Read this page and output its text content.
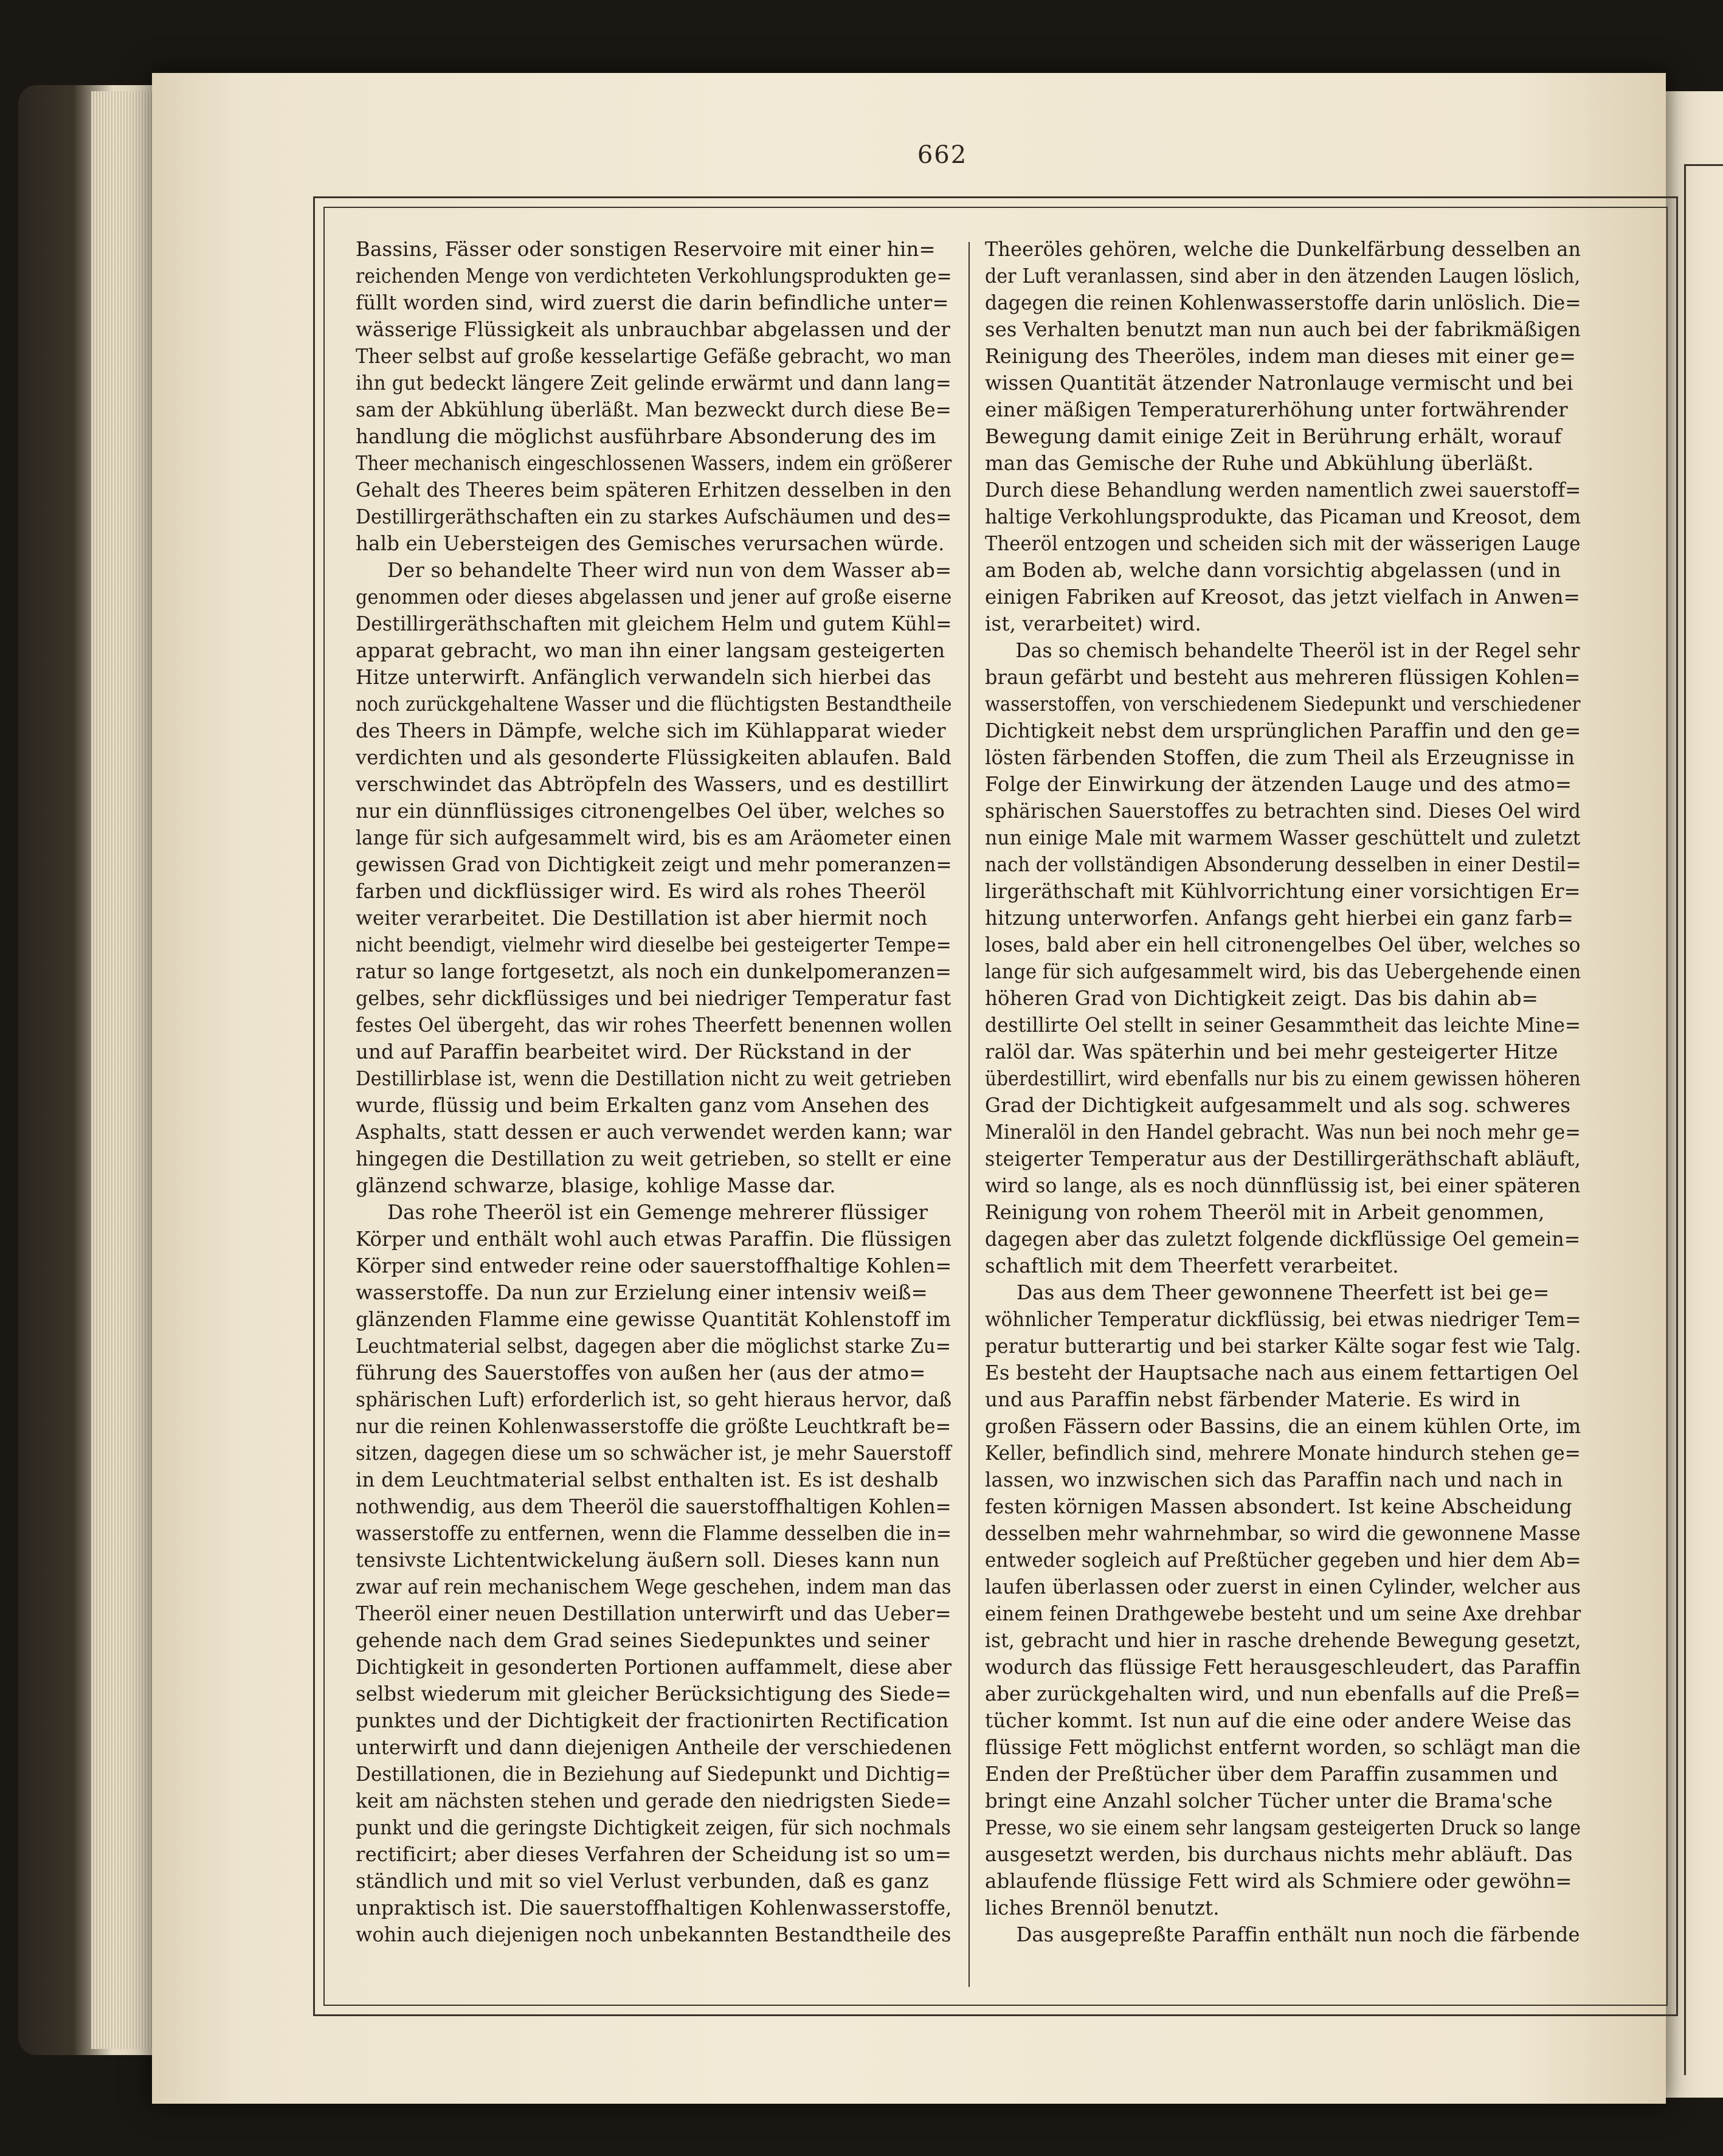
662
Bassins, Fässer oder sonstigen Reservoire mit einer hin=
reichenden Menge von verdichteten Verkohlungsprodukten ge=
füllt worden sind, wird zuerst die darin befindliche unter=
wässerige Flüssigkeit als unbrauchbar abgelassen und der
Theer selbst auf große kesselartige Gefäße gebracht, wo man
ihn gut bedeckt längere Zeit gelinde erwärmt und dann lang=
sam der Abkühlung überläßt. Man bezweckt durch diese Be=
handlung die möglichst ausführbare Absonderung des im
Theer mechanisch eingeschlossenen Wassers, indem ein größerer
Gehalt des Theeres beim späteren Erhitzen desselben in den
Destillirgeräthschaften ein zu starkes Aufschäumen und des=
halb ein Uebersteigen des Gemisches verursachen würde.
Der so behandelte Theer wird nun von dem Wasser ab=
genommen oder dieses abgelassen und jener auf große eiserne
Destillirgeräthschaften mit gleichem Helm und gutem Kühl=
apparat gebracht, wo man ihn einer langsam gesteigerten
Hitze unterwirft. Anfänglich verwandeln sich hierbei das
noch zurückgehaltene Wasser und die flüchtigsten Bestandtheile
des Theers in Dämpfe, welche sich im Kühlapparat wieder
verdichten und als gesonderte Flüssigkeiten ablaufen. Bald
verschwindet das Abtröpfeln des Wassers, und es destillirt
nur ein dünnflüssiges citronengelbes Oel über, welches so
lange für sich aufgesammelt wird, bis es am Aräometer einen
gewissen Grad von Dichtigkeit zeigt und mehr pomeranzen=
farben und dickflüssiger wird. Es wird als rohes Theeröl
weiter verarbeitet. Die Destillation ist aber hiermit noch
nicht beendigt, vielmehr wird dieselbe bei gesteigerter Tempe=
ratur so lange fortgesetzt, als noch ein dunkelpomeranzen=
gelbes, sehr dickflüssiges und bei niedriger Temperatur fast
festes Oel übergeht, das wir rohes Theerfett benennen wollen
und auf Paraffin bearbeitet wird. Der Rückstand in der
Destillirblase ist, wenn die Destillation nicht zu weit getrieben
wurde, flüssig und beim Erkalten ganz vom Ansehen des
Asphalts, statt dessen er auch verwendet werden kann; war
hingegen die Destillation zu weit getrieben, so stellt er eine
glänzend schwarze, blasige, kohlige Masse dar.
Das rohe Theeröl ist ein Gemenge mehrerer flüssiger
Körper und enthält wohl auch etwas Paraffin. Die flüssigen
Körper sind entweder reine oder sauerstoffhaltige Kohlen=
wasserstoffe. Da nun zur Erzielung einer intensiv weiß=
glänzenden Flamme eine gewisse Quantität Kohlenstoff im
Leuchtmaterial selbst, dagegen aber die möglichst starke Zu=
führung des Sauerstoffes von außen her (aus der atmo=
sphärischen Luft) erforderlich ist, so geht hieraus hervor, daß
nur die reinen Kohlenwasserstoffe die größte Leuchtkraft be=
sitzen, dagegen diese um so schwächer ist, je mehr Sauerstoff
in dem Leuchtmaterial selbst enthalten ist. Es ist deshalb
nothwendig, aus dem Theeröl die sauerstoffhaltigen Kohlen=
wasserstoffe zu entfernen, wenn die Flamme desselben die in=
tensivste Lichtentwickelung äußern soll. Dieses kann nun
zwar auf rein mechanischem Wege geschehen, indem man das
Theeröl einer neuen Destillation unterwirft und das Ueber=
gehende nach dem Grad seines Siedepunktes und seiner
Dichtigkeit in gesonderten Portionen auffammelt, diese aber
selbst wiederum mit gleicher Berücksichtigung des Siede=
punktes und der Dichtigkeit der fractionirten Rectification
unterwirft und dann diejenigen Antheile der verschiedenen
Destillationen, die in Beziehung auf Siedepunkt und Dichtig=
keit am nächsten stehen und gerade den niedrigsten Siede=
punkt und die geringste Dichtigkeit zeigen, für sich nochmals
rectificirt; aber dieses Verfahren der Scheidung ist so um=
ständlich und mit so viel Verlust verbunden, daß es ganz
unpraktisch ist. Die sauerstoffhaltigen Kohlenwasserstoffe,
wohin auch diejenigen noch unbekannten Bestandtheile des
Theeröles gehören, welche die Dunkelfärbung desselben an
der Luft veranlassen, sind aber in den ätzenden Laugen löslich,
dagegen die reinen Kohlenwasserstoffe darin unlöslich. Die=
ses Verhalten benutzt man nun auch bei der fabrikmäßigen
Reinigung des Theeröles, indem man dieses mit einer ge=
wissen Quantität ätzender Natronlauge vermischt und bei
einer mäßigen Temperaturerhöhung unter fortwährender
Bewegung damit einige Zeit in Berührung erhält, worauf
man das Gemische der Ruhe und Abkühlung überläßt.
Durch diese Behandlung werden namentlich zwei sauerstoff=
haltige Verkohlungsprodukte, das Picaman und Kreosot, dem
Theeröl entzogen und scheiden sich mit der wässerigen Lauge
am Boden ab, welche dann vorsichtig abgelassen (und in
einigen Fabriken auf Kreosot, das jetzt vielfach in Anwen=
ist, verarbeitet) wird.
Das so chemisch behandelte Theeröl ist in der Regel sehr
braun gefärbt und besteht aus mehreren flüssigen Kohlen=
wasserstoffen, von verschiedenem Siedepunkt und verschiedener
Dichtigkeit nebst dem ursprünglichen Paraffin und den ge=
lösten färbenden Stoffen, die zum Theil als Erzeugnisse in
Folge der Einwirkung der ätzenden Lauge und des atmo=
sphärischen Sauerstoffes zu betrachten sind. Dieses Oel wird
nun einige Male mit warmem Wasser geschüttelt und zuletzt
nach der vollständigen Absonderung desselben in einer Destil=
lirgeräthschaft mit Kühlvorrichtung einer vorsichtigen Er=
hitzung unterworfen. Anfangs geht hierbei ein ganz farb=
loses, bald aber ein hell citronengelbes Oel über, welches so
lange für sich aufgesammelt wird, bis das Uebergehende einen
höheren Grad von Dichtigkeit zeigt. Das bis dahin ab=
destillirte Oel stellt in seiner Gesammtheit das leichte Mine=
ralöl dar. Was späterhin und bei mehr gesteigerter Hitze
überdestillirt, wird ebenfalls nur bis zu einem gewissen höheren
Grad der Dichtigkeit aufgesammelt und als sog. schweres
Mineralöl in den Handel gebracht. Was nun bei noch mehr ge=
steigerter Temperatur aus der Destillirgeräthschaft abläuft,
wird so lange, als es noch dünnflüssig ist, bei einer späteren
Reinigung von rohem Theeröl mit in Arbeit genommen,
dagegen aber das zuletzt folgende dickflüssige Oel gemein=
schaftlich mit dem Theerfett verarbeitet.
Das aus dem Theer gewonnene Theerfett ist bei ge=
wöhnlicher Temperatur dickflüssig, bei etwas niedriger Tem=
peratur butterartig und bei starker Kälte sogar fest wie Talg.
Es besteht der Hauptsache nach aus einem fettartigen Oel
und aus Paraffin nebst färbender Materie. Es wird in
großen Fässern oder Bassins, die an einem kühlen Orte, im
Keller, befindlich sind, mehrere Monate hindurch stehen ge=
lassen, wo inzwischen sich das Paraffin nach und nach in
festen körnigen Massen absondert. Ist keine Abscheidung
desselben mehr wahrnehmbar, so wird die gewonnene Masse
entweder sogleich auf Preßtücher gegeben und hier dem Ab=
laufen überlassen oder zuerst in einen Cylinder, welcher aus
einem feinen Drathgewebe besteht und um seine Axe drehbar
ist, gebracht und hier in rasche drehende Bewegung gesetzt,
wodurch das flüssige Fett herausgeschleudert, das Paraffin
aber zurückgehalten wird, und nun ebenfalls auf die Preß=
tücher kommt. Ist nun auf die eine oder andere Weise das
flüssige Fett möglichst entfernt worden, so schlägt man die
Enden der Preßtücher über dem Paraffin zusammen und
bringt eine Anzahl solcher Tücher unter die Brama'sche
Presse, wo sie einem sehr langsam gesteigerten Druck so lange
ausgesetzt werden, bis durchaus nichts mehr abläuft. Das
ablaufende flüssige Fett wird als Schmiere oder gewöhn=
liches Brennöl benutzt.
Das ausgepreßte Paraffin enthält nun noch die färbende
